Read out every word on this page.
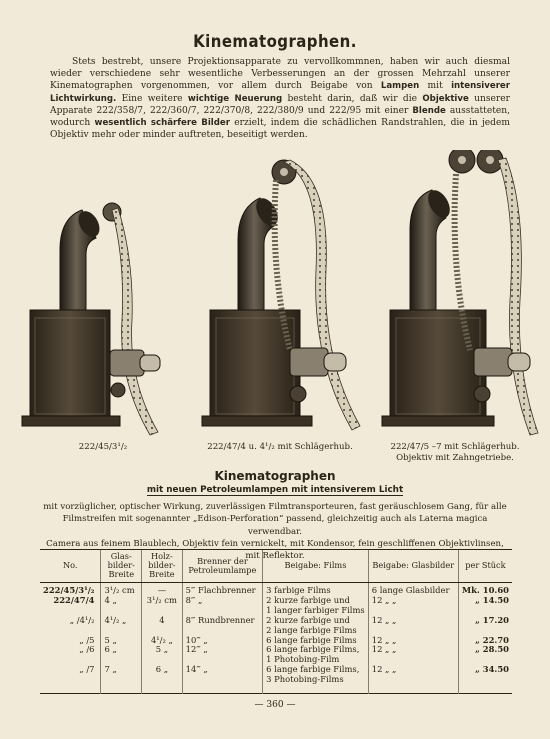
Kinematographen.
Stets bestrebt, unsere Projektionsapparate zu vervollkommnen, haben wir auch diesmal wieder verschiedene sehr wesentliche Verbesserungen an der grossen Mehrzahl unserer Kinematographen vorgenommen, vor allem durch Beigabe von Lampen mit intensiverer Lichtwirkung. Eine weitere wichtige Neuerung besteht darin, daß wir die Objektive unserer Apparate 222/358/7, 222/360/7, 222/370/8, 222/380/9 und 222/95 mit einer Blende ausstatteten, wodurch wesentlich schärfere Bilder erzielt, indem die schädlichen Randstrahlen, die in jedem Objektiv mehr oder minder auftreten, beseitigt werden.
222/45/3¹/₂	222/47/4 u. 4¹/₂ mit Schlägerhub.	222/47/5 –7 mit Schlägerhub.
Objektiv mit Zahngetriebe.
Kinematographen
mit neuen Petroleumlampen mit intensiverem Licht
mit vorzüglicher, optischer Wirkung, zuverlässigen Filmtransporteuren, fast geräuschlosem Gang, für alle Filmstreifen mit sogenannter „Edison-Perforation“ passend, gleichzeitig auch als Laterna magica verwendbar.
Camera aus feinem Blaublech, Objektiv fein vernickelt, mit Kondensor, fein geschliffenen Objektivlinsen, mit Reflektor.
No.	Glas-bilder-Breite	Holz-bilder-Breite	Brenner der Petroleumlampe	Beigabe: Films	Beigabe: Glasbilder	per Stück
222/45/3¹/₂	3¹/₂ cm	—	5‴ Flachbrenner	3 farbige Films	6 lange Glasbilder	Mk. 10.60
222/47/4	4 „	3¹/₂ cm	8‴ „	2 kurze farbige und
1 langer farbiger Films	12 „ „	„ 14.50
„ /4¹/₂	4¹/₂ „	4	8‴ Rundbrenner	2 kurze farbige und
2 lange farbige Films	12 „ „	„ 17.20
„ /5	5 „	4¹/₂ „	10‴ „	6 lange farbige Films	12 „ „	„ 22.70
„ /6	6 „	5 „	12‴ „	6 lange farbige Films,
1 Photobing-Film	12 „ „	„ 28.50
„ /7	7 „	6 „	14‴ „	6 lange farbige Films,
3 Photobing-Films	12 „ „	„ 34.50
— 360 —
